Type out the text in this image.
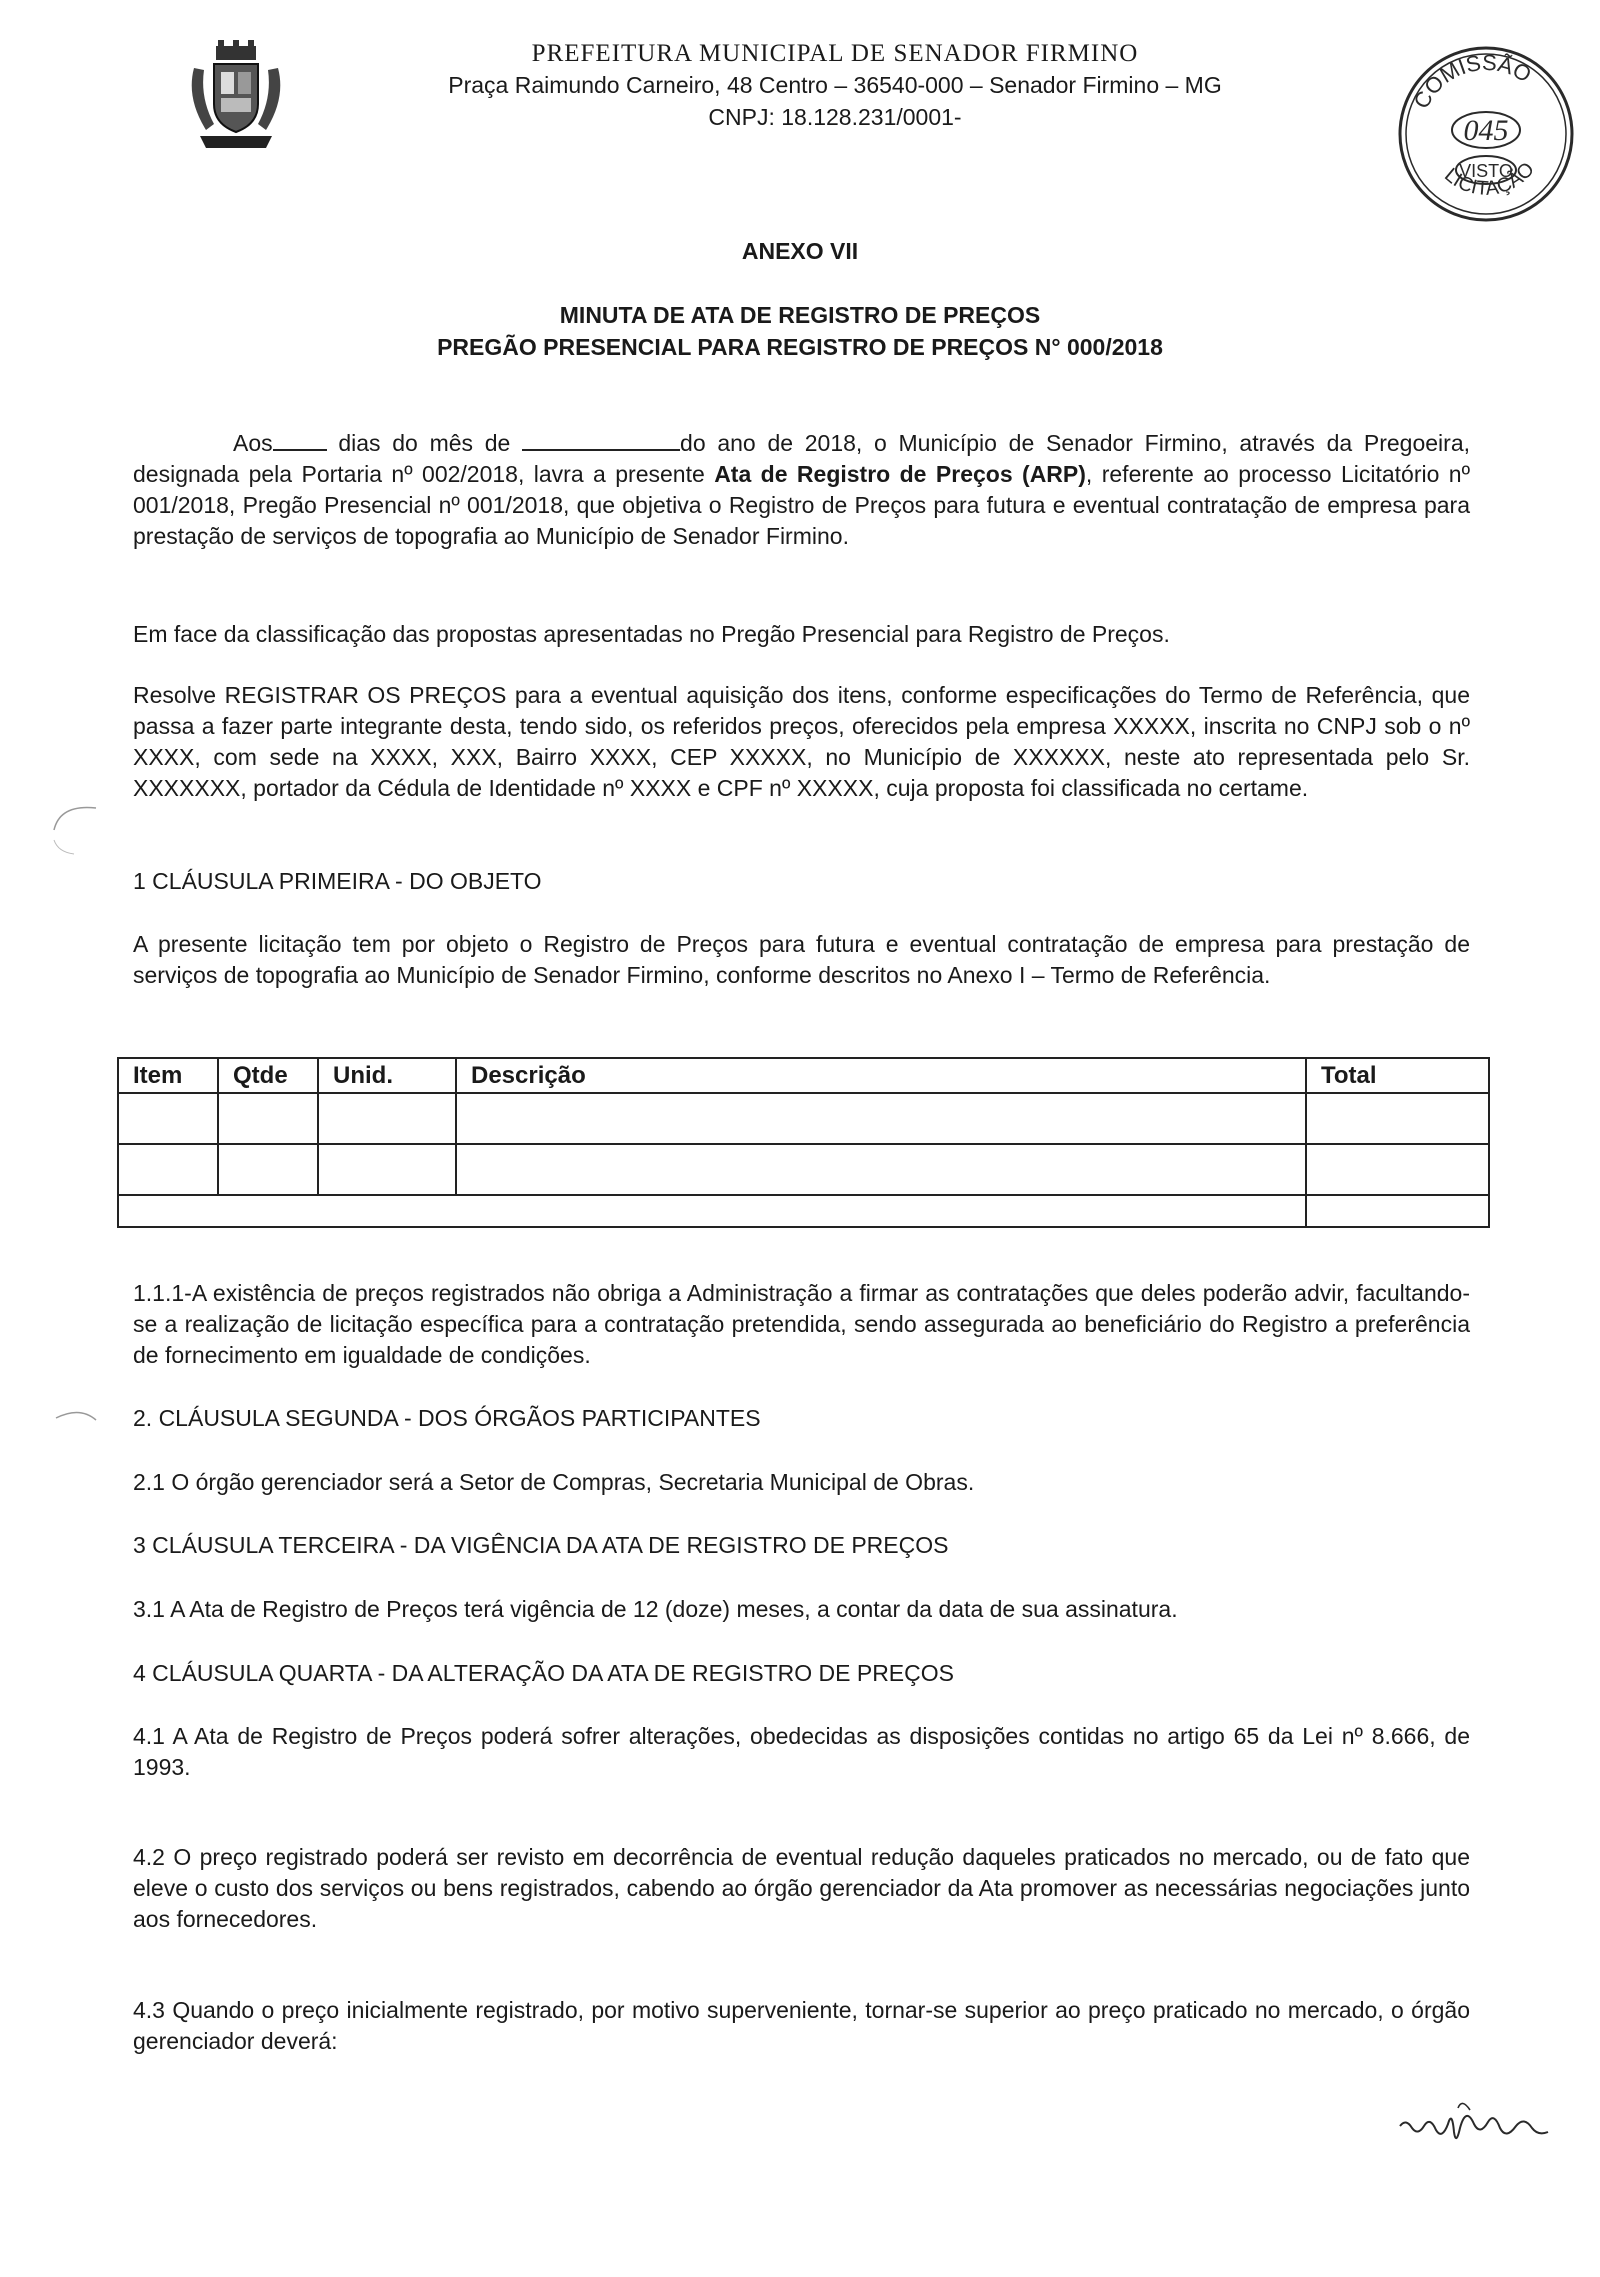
PREFEITURA MUNICIPAL DE SENADOR FIRMINO
Praça Raimundo Carneiro, 48 Centro – 36540-000 – Senador Firmino – MG
CNPJ: 18.128.231/0001-
COMISSÃO
045
VISTO
LICITAÇÃO
ANEXO VII
MINUTA DE ATA DE REGISTRO DE PREÇOS
PREGÃO PRESENCIAL PARA REGISTRO DE PREÇOS N° 000/2018

Aos dias do mês de	do ano de 2018, o Município de Senador Firmino, através da Pregoeira, designada pela Portaria nº 002/2018, lavra a presente Ata de Registro de Preços (ARP), referente ao processo Licitatório nº 001/2018, Pregão Presencial nº 001/2018, que objetiva o Registro de Preços para futura e eventual contratação de empresa para prestação de serviços de topografia ao Município de Senador Firmino.

Em face da classificação das propostas apresentadas no Pregão Presencial para Registro de Preços.

Resolve REGISTRAR OS PREÇOS para a eventual aquisição dos itens, conforme especificações do Termo de Referência, que passa a fazer parte integrante desta, tendo sido, os referidos preços, oferecidos pela empresa XXXXX, inscrita no CNPJ sob o nº XXXX, com sede na XXXX, XXX, Bairro XXXX, CEP XXXXX, no Município de XXXXXX, neste ato representada pelo Sr. XXXXXXX, portador da Cédula de Identidade nº XXXX e CPF nº XXXXX, cuja proposta foi classificada no certame.

1 CLÁUSULA PRIMEIRA - DO OBJETO

A presente licitação tem por objeto o Registro de Preços para futura e eventual contratação de empresa para prestação de serviços de topografia ao Município de Senador Firmino, conforme descritos no Anexo I – Termo de Referência.

Item	Qtde	Unid.	Descrição	Total

1.1.1-A existência de preços registrados não obriga a Administração a firmar as contratações que deles poderão advir, facultando-se a realização de licitação específica para a contratação pretendida, sendo assegurada ao beneficiário do Registro a preferência de fornecimento em igualdade de condições.

2. CLÁUSULA SEGUNDA - DOS ÓRGÃOS PARTICIPANTES

2.1 O órgão gerenciador será a Setor de Compras, Secretaria Municipal de Obras.

3 CLÁUSULA TERCEIRA - DA VIGÊNCIA DA ATA DE REGISTRO DE PREÇOS

3.1 A Ata de Registro de Preços terá vigência de 12 (doze) meses, a contar da data de sua assinatura.

4 CLÁUSULA QUARTA - DA ALTERAÇÃO DA ATA DE REGISTRO DE PREÇOS

4.1 A Ata de Registro de Preços poderá sofrer alterações, obedecidas as disposições contidas no artigo 65 da Lei nº 8.666, de 1993.

4.2 O preço registrado poderá ser revisto em decorrência de eventual redução daqueles praticados no mercado, ou de fato que eleve o custo dos serviços ou bens registrados, cabendo ao órgão gerenciador da Ata promover as necessárias negociações junto aos fornecedores.

4.3 Quando o preço inicialmente registrado, por motivo superveniente, tornar-se superior ao preço praticado no mercado, o órgão gerenciador deverá:
